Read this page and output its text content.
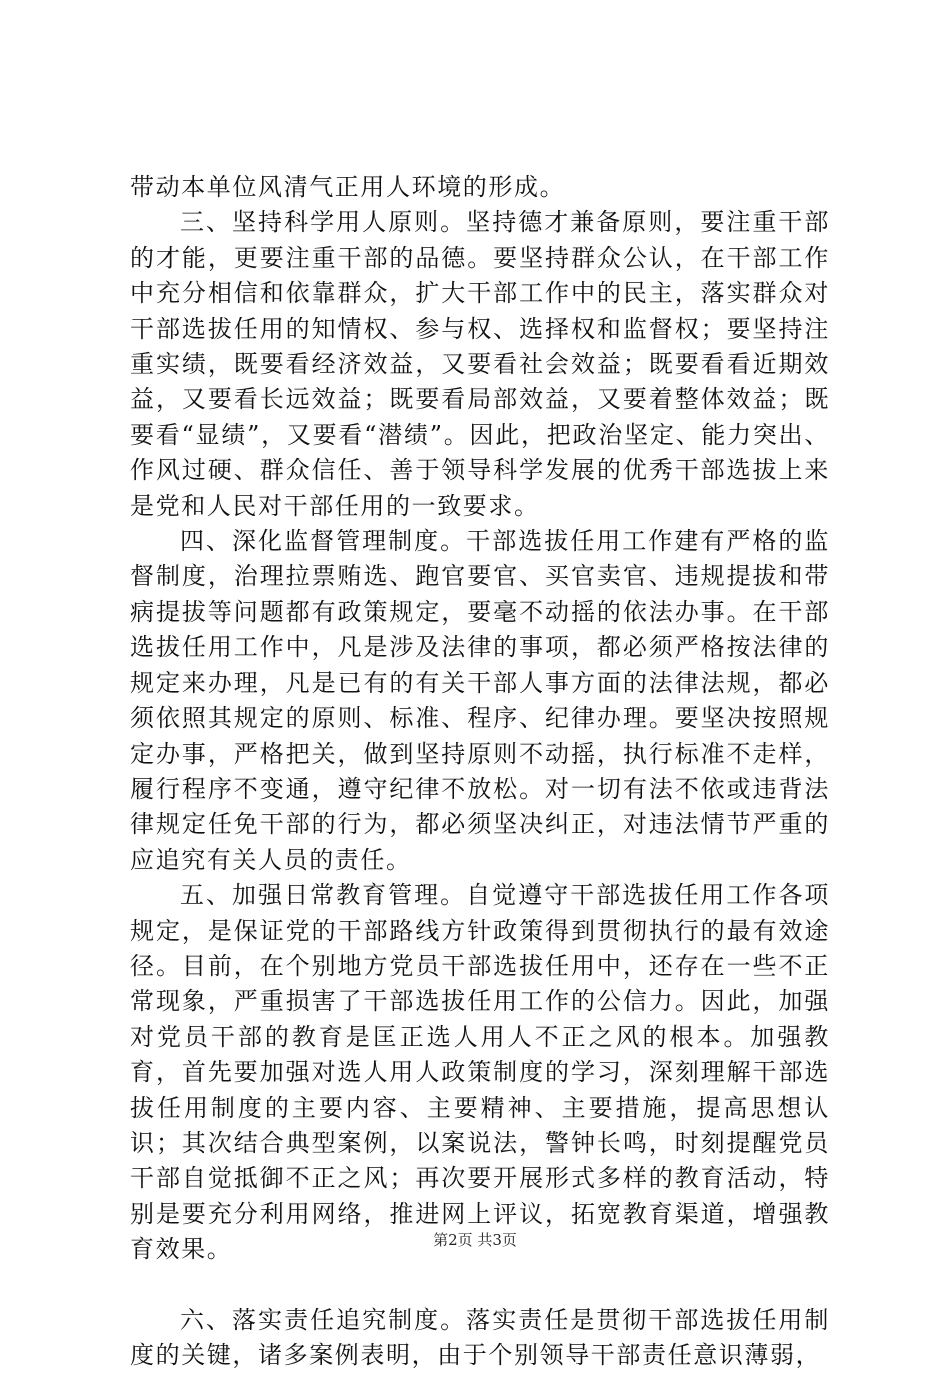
带动本单位风清气正用人环境的形成。

三、坚持科学用人原则。坚持德才兼备原则，要注重干部的才能，更要注重干部的品德。要坚持群众公认，在干部工作中充分相信和依靠群众，扩大干部工作中的民主，落实群众对干部选拔任用的知情权、参与权、选择权和监督权；要坚持注重实绩，既要看经济效益，又要看社会效益；既要看看近期效益，又要看长远效益；既要看局部效益，又要着整体效益；既要看“显绩”，又要看“潜绩”。因此，把政治坚定、能力突出、作风过硬、群众信任、善于领导科学发展的优秀干部选拔上来是党和人民对干部任用的一致要求。

四、深化监督管理制度。干部选拔任用工作建有严格的监督制度，治理拉票贿选、跑官要官、买官卖官、违规提拔和带病提拔等问题都有政策规定，要毫不动摇的依法办事。在干部选拔任用工作中，凡是涉及法律的事项，都必须严格按法律的规定来办理，凡是已有的有关干部人事方面的法律法规，都必须依照其规定的原则、标准、程序、纪律办理。要坚决按照规定办事，严格把关，做到坚持原则不动摇，执行标准不走样，履行程序不变通，遵守纪律不放松。对一切有法不依或违背法律规定任免干部的行为，都必须坚决纠正，对违法情节严重的应追究有关人员的责任。

五、加强日常教育管理。自觉遵守干部选拔任用工作各项规定，是保证党的干部路线方针政策得到贯彻执行的最有效途径。目前，在个别地方党员干部选拔任用中，还存在一些不正常现象，严重损害了干部选拔任用工作的公信力。因此，加强对党员干部的教育是匡正选人用人不正之风的根本。加强教育，首先要加强对选人用人政策制度的学习，深刻理解干部选拔任用制度的主要内容、主要精神、主要措施，提高思想认识；其次结合典型案例，以案说法，警钟长鸣，时刻提醒党员干部自觉抵御不正之风；再次要开展形式多样的教育活动，特别是要充分利用网络，推进网上评议，拓宽教育渠道，增强教育效果。

六、落实责任追究制度。落实责任是贯彻干部选拔任用制度的关键，诸多案例表明，由于个别领导干部责任意识薄弱，

第2页 共3页
